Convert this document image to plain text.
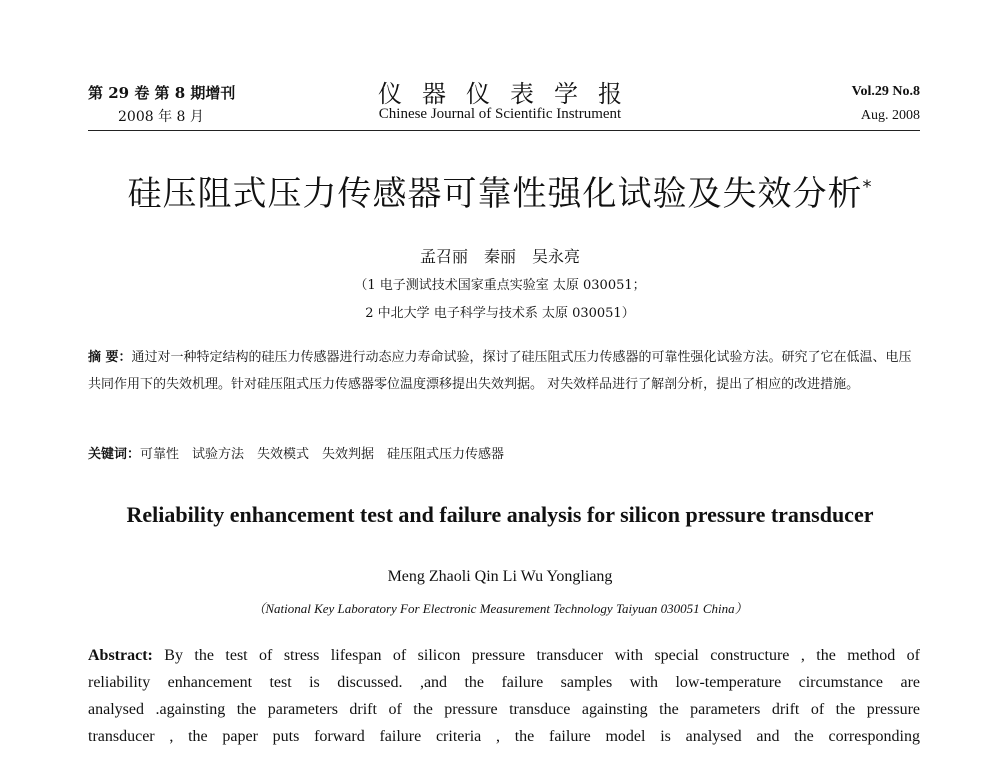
第 29 卷 第 8 期增刊
2008 年 8 月
仪器仪表学报
Chinese Journal of Scientific Instrument
Vol.29 No.8
Aug. 2008
硅压阻式压力传感器可靠性强化试验及失效分析*
孟召丽　秦丽　吴永亮
（1 电子测试技术国家重点实验室 太原 030051；
2 中北大学 电子科学与技术系 太原 030051）
摘 要：通过对一种特定结构的硅压力传感器进行动态应力寿命试验，探讨了硅压阻式压力传感器的可靠性强化试验方法。研究了它在低温、电压共同作用下的失效机理。针对硅压阻式压力传感器零位温度漂移提出失效判据。 对失效样品进行了解剖分析，提出了相应的改进措施。
关键词：可靠性　试验方法　失效模式　失效判据　硅压阻式压力传感器
Reliability enhancement test and failure analysis for silicon pressure transducer
Meng Zhaoli Qin Li Wu Yongliang
（National Key Laboratory For Electronic Measurement Technology Taiyuan 030051 China）
Abstract: By the test of stress lifespan of silicon pressure transducer with special constructure , the method of
reliability enhancement test is discussed. ,and the failure samples with low-temperature circumstance are
analysed .againsting the parameters drift of the pressure transduce againsting the parameters drift of the pressure
transducer , the paper puts forward failure criteria , the failure model is analysed and the corresponding
